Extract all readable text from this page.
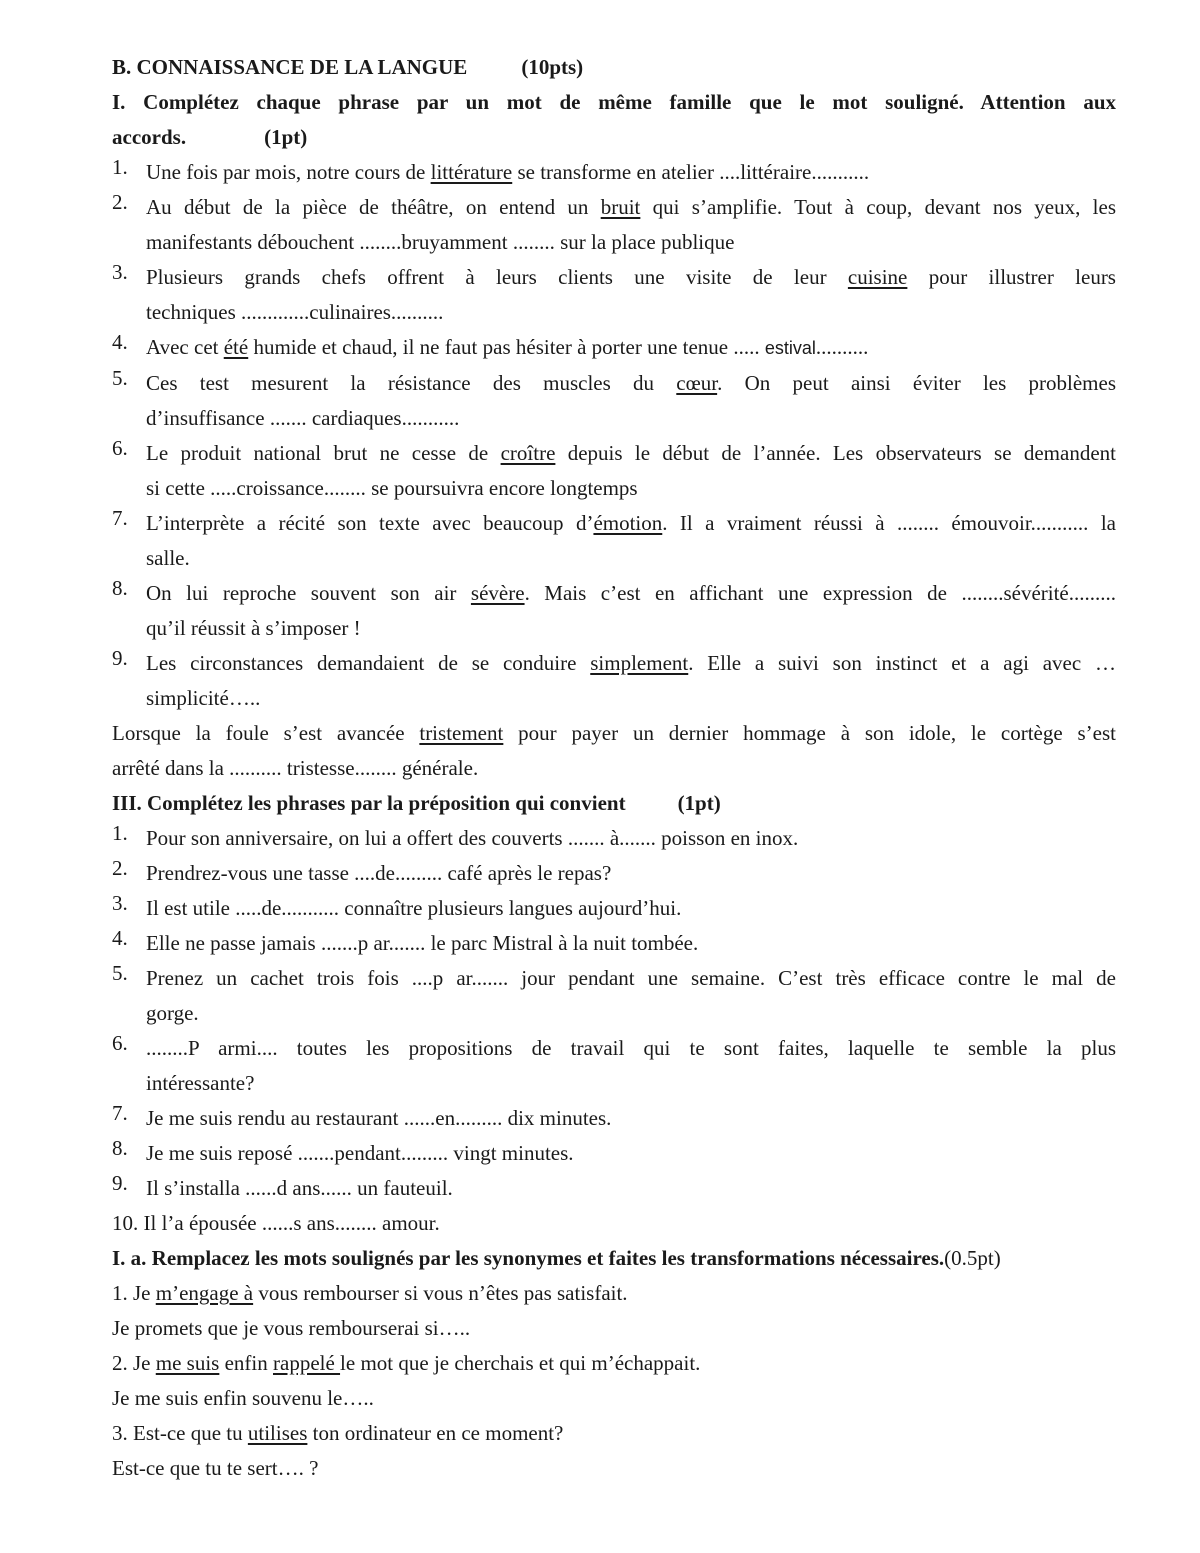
B. CONNAISSANCE DE LA LANGUE	(10pts)
I. Complétez chaque phrase par un mot de même famille que le mot souligné. Attention aux
accords.	(1pt)
1. Une fois par mois, notre cours de littérature se transforme en atelier ....littéraire...........
2. Au début de la pièce de théâtre, on entend un bruit qui s’amplifie. Tout à coup, devant nos yeux, les
manifestants débouchent ........bruyamment ........ sur la place publique
3. Plusieurs grands chefs offrent à leurs clients une visite de leur cuisine pour illustrer leurs
techniques .............culinaires..........
4. Avec cet été humide et chaud, il ne faut pas hésiter à porter une tenue ..... estival..........
5. Ces test mesurent la résistance des muscles du cœur. On peut ainsi éviter les problèmes
d’insuffisance ....... cardiaques...........
6. Le produit national brut ne cesse de croître depuis le début de l’année. Les observateurs se demandent
si cette .....croissance........ se poursuivra encore longtemps
7. L’interprète a récité son texte avec beaucoup d’émotion. Il a vraiment réussi à ........ émouvoir........... la
salle.
8. On lui reproche souvent son air sévère. Mais c’est en affichant une expression de ........sévérité.........
qu’il réussit à s’imposer !
9. Les circonstances demandaient de se conduire simplement. Elle a suivi son instinct et a agi avec …
simplicité…..
Lorsque la foule s’est avancée tristement pour payer un dernier hommage à son idole, le cortège s’est
arrêté dans la .......... tristesse........ générale.
III. Complétez les phrases par la préposition qui convient (1pt)
1. Pour son anniversaire, on lui a offert des couverts ....... à....... poisson en inox.
2. Prendrez-vous une tasse ....de......... café après le repas?
3. Il est utile .....de........... connaître plusieurs langues aujourd’hui.
4. Elle ne passe jamais .......p ar....... le parc Mistral à la nuit tombée.
5. Prenez un cachet trois fois ....p ar....... jour pendant une semaine. C’est très efficace contre le mal de
gorge.
6. ........P armi.... toutes les propositions de travail qui te sont faites, laquelle te semble la plus
intéressante?
7. Je me suis rendu au restaurant ......en......... dix minutes.
8. Je me suis reposé .......pendant......... vingt minutes.
9. Il s’installa ......d ans...... un fauteuil.
10. Il l’a épousée ......s ans........ amour.
I. a. Remplacez les mots soulignés par les synonymes et faites les transformations nécessaires.(0.5pt)
1. Je m’engage à vous rembourser si vous n’êtes pas satisfait.
Je promets que je vous rembourserai si…..
2. Je me suis enfin rappelé le mot que je cherchais et qui m’échappait.
Je me suis enfin souvenu le…..
3. Est-ce que tu utilises ton ordinateur en ce moment?
Est-ce que tu te sert…. ?
